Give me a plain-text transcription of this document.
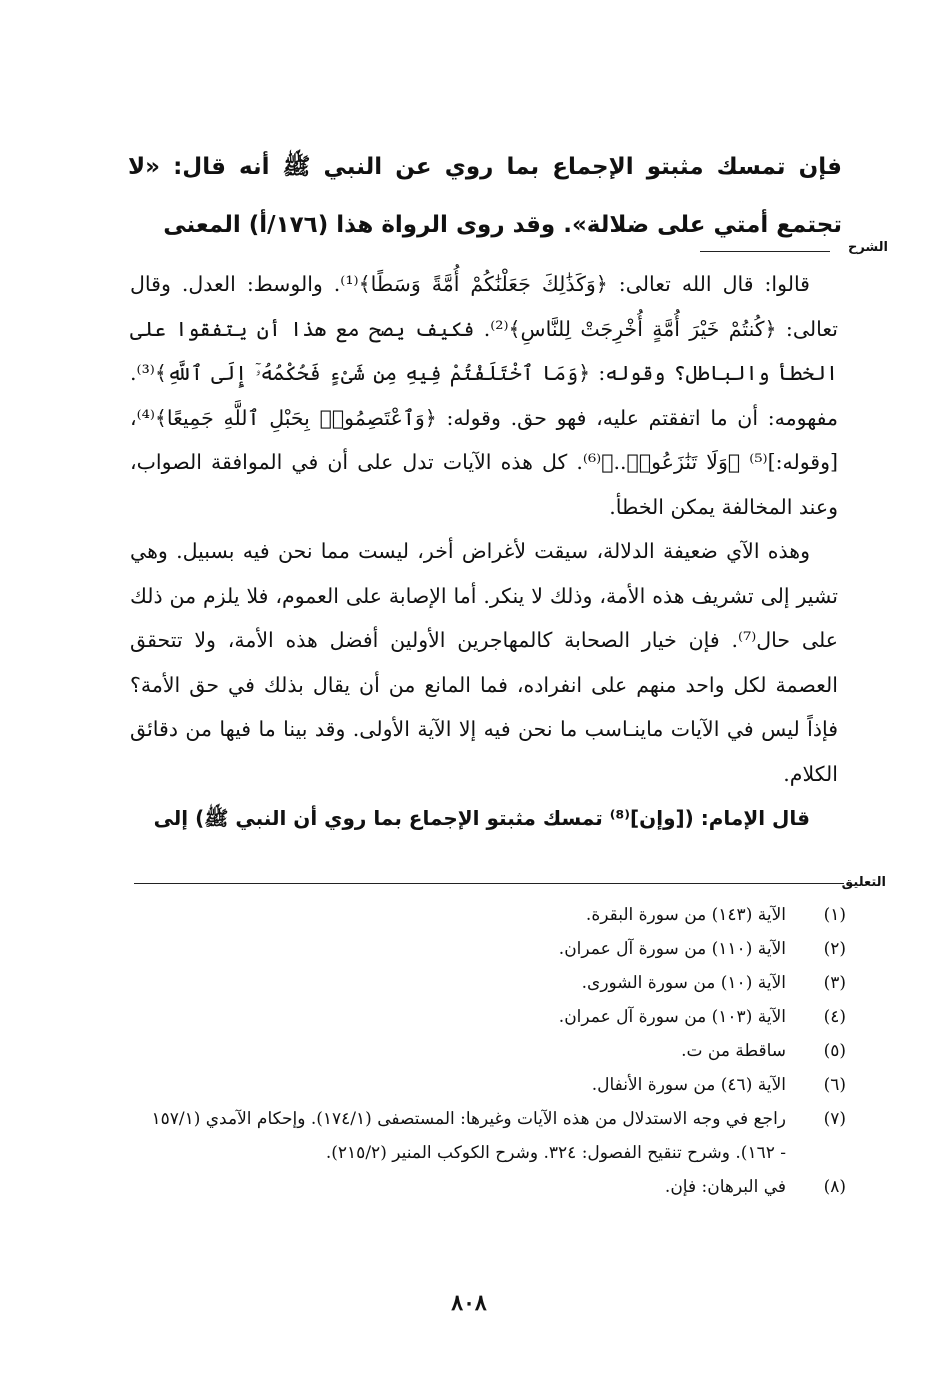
فإن تمسك مثبتو الإجماع بما روي عن النبي ﷺ أنه قال: «لا تجتمع أمتي على ضلالة». وقد روى الرواة هذا (١٧٦/أ) المعنى

الشرح

قالوا: قال الله تعالى: ﴿وَكَذَٰلِكَ جَعَلْنَٰكُمْ أُمَّةً وَسَطًا﴾⁽¹⁾. والوسط: العدل. وقال تعالى: ﴿كُنتُمْ خَيْرَ أُمَّةٍ أُخْرِجَتْ لِلنَّاسِ﴾⁽²⁾. فكيف يصح مع هذا أن يتفقوا على الخطأ والباطل؟ وقوله: ﴿وَمَا ٱخْتَلَفْتُمْ فِيهِ مِن شَىْءٍ فَحُكْمُهُۥٓ إِلَى ٱللَّهِ﴾⁽³⁾. مفهومه: أن ما اتفقتم عليه، فهو حق. وقوله: ﴿وَٱعْتَصِمُوا۟ بِحَبْلِ ٱللَّهِ جَمِيعًا﴾⁽⁴⁾، [وقوله:]⁽⁵⁾ ﴿وَلَا تَنَٰزَعُوا۟..﴾⁽⁶⁾. كل هذه الآيات تدل على أن في الموافقة الصواب، وعند المخالفة يمكن الخطأ.

وهذه الآي ضعيفة الدلالة، سيقت لأغراض أخر، ليست مما نحن فيه بسبيل. وهي تشير إلى تشريف هذه الأمة، وذلك لا ينكر. أما الإصابة على العموم، فلا يلزم من ذلك على حال⁽⁷⁾. فإن خيار الصحابة كالمهاجرين الأولين أفضل هذه الأمة، ولا تتحقق العصمة لكل واحد منهم على انفراده، فما المانع من أن يقال بذلك في حق الأمة؟ فإذاً ليس في الآيات ماينـاسب ما نحن فيه إلا الآية الأولى. وقد بينا ما فيها من دقائق الكلام.

قال الإمام: ([وإن]⁽⁸⁾ تمسك مثبتو الإجماع بما روي أن النبي ﷺ) إلى

التعليق
(١)
الآية (١٤٣) من سورة البقرة.
(٢)
الآية (١١٠) من سورة آل عمران.
(٣)
الآية (١٠) من سورة الشورى.
(٤)
الآية (١٠٣) من سورة آل عمران.
(٥)
ساقطة من ت.
(٦)
الآية (٤٦) من سورة الأنفال.
(٧)
راجع في وجه الاستدلال من هذه الآيات وغيرها: المستصفى (١٧٤/١). وإحكام الآمدي (١٥٧/١ - ١٦٢). وشرح تنقيح الفصول: ٣٢٤. وشرح الكوكب المنير (٢١٥/٢).
(٨)
في البرهان: فإن.
٨٠٨
